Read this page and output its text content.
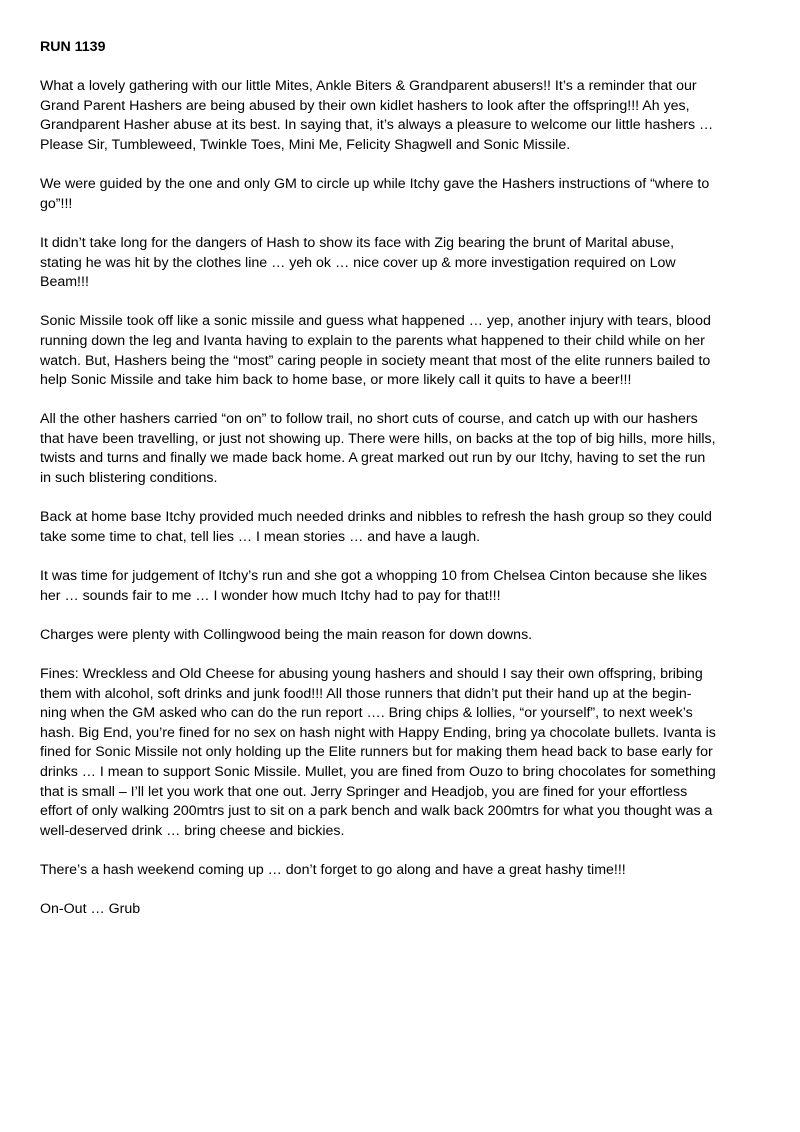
RUN 1139
What a lovely gathering with our little Mites, Ankle Biters & Grandparent abusers!! It’s a reminder that our
Grand Parent Hashers are being abused by their own kidlet hashers to look after the offspring!!! Ah yes,
Grandparent Hasher abuse at its best. In saying that, it’s always a pleasure to welcome our little hashers …
Please Sir, Tumbleweed, Twinkle Toes, Mini Me, Felicity Shagwell and Sonic Missile.
We were guided by the one and only GM to circle up while Itchy gave the Hashers instructions of “where to
go”!!!
It didn’t take long for the dangers of Hash to show its face with Zig bearing the brunt of Marital abuse,
stating he was hit by the clothes line … yeh ok … nice cover up & more investigation required on Low
Beam!!!
Sonic Missile took off like a sonic missile and guess what happened … yep, another injury with tears, blood
running down the leg and Ivanta having to explain to the parents what happened to their child while on her
watch. But, Hashers being the “most” caring people in society meant that most of the elite runners bailed to
help Sonic Missile and take him back to home base, or more likely call it quits to have a beer!!!
All the other hashers carried “on on” to follow trail, no short cuts of course, and catch up with our hashers
that have been travelling, or just not showing up. There were hills, on backs at the top of big hills, more hills,
twists and turns and finally we made back home. A great marked out run by our Itchy, having to set the run
in such blistering conditions.
Back at home base Itchy provided much needed drinks and nibbles to refresh the hash group so they could
take some time to chat, tell lies … I mean stories … and have a laugh.
It was time for judgement of Itchy’s run and she got a whopping 10 from Chelsea Cinton because she likes
her … sounds fair to me … I wonder how much Itchy had to pay for that!!!
Charges were plenty with Collingwood being the main reason for down downs.
Fines: Wreckless and Old Cheese for abusing young hashers and should I say their own offspring, bribing
them with alcohol, soft drinks and junk food!!! All those runners that didn’t put their hand up at the begin-
ning when the GM asked who can do the run report …. Bring chips & lollies, “or yourself”, to next week’s
hash. Big End, you’re fined for no sex on hash night with Happy Ending, bring ya chocolate bullets. Ivanta is
fined for Sonic Missile not only holding up the Elite runners but for making them head back to base early for
drinks … I mean to support Sonic Missile. Mullet, you are fined from Ouzo to bring chocolates for something
that is small – I’ll let you work that one out. Jerry Springer and Headjob, you are fined for your effortless
effort of only walking 200mtrs just to sit on a park bench and walk back 200mtrs for what you thought was a
well-deserved drink … bring cheese and bickies.
There’s a hash weekend coming up … don’t forget to go along and have a great hashy time!!!
On-Out … Grub
